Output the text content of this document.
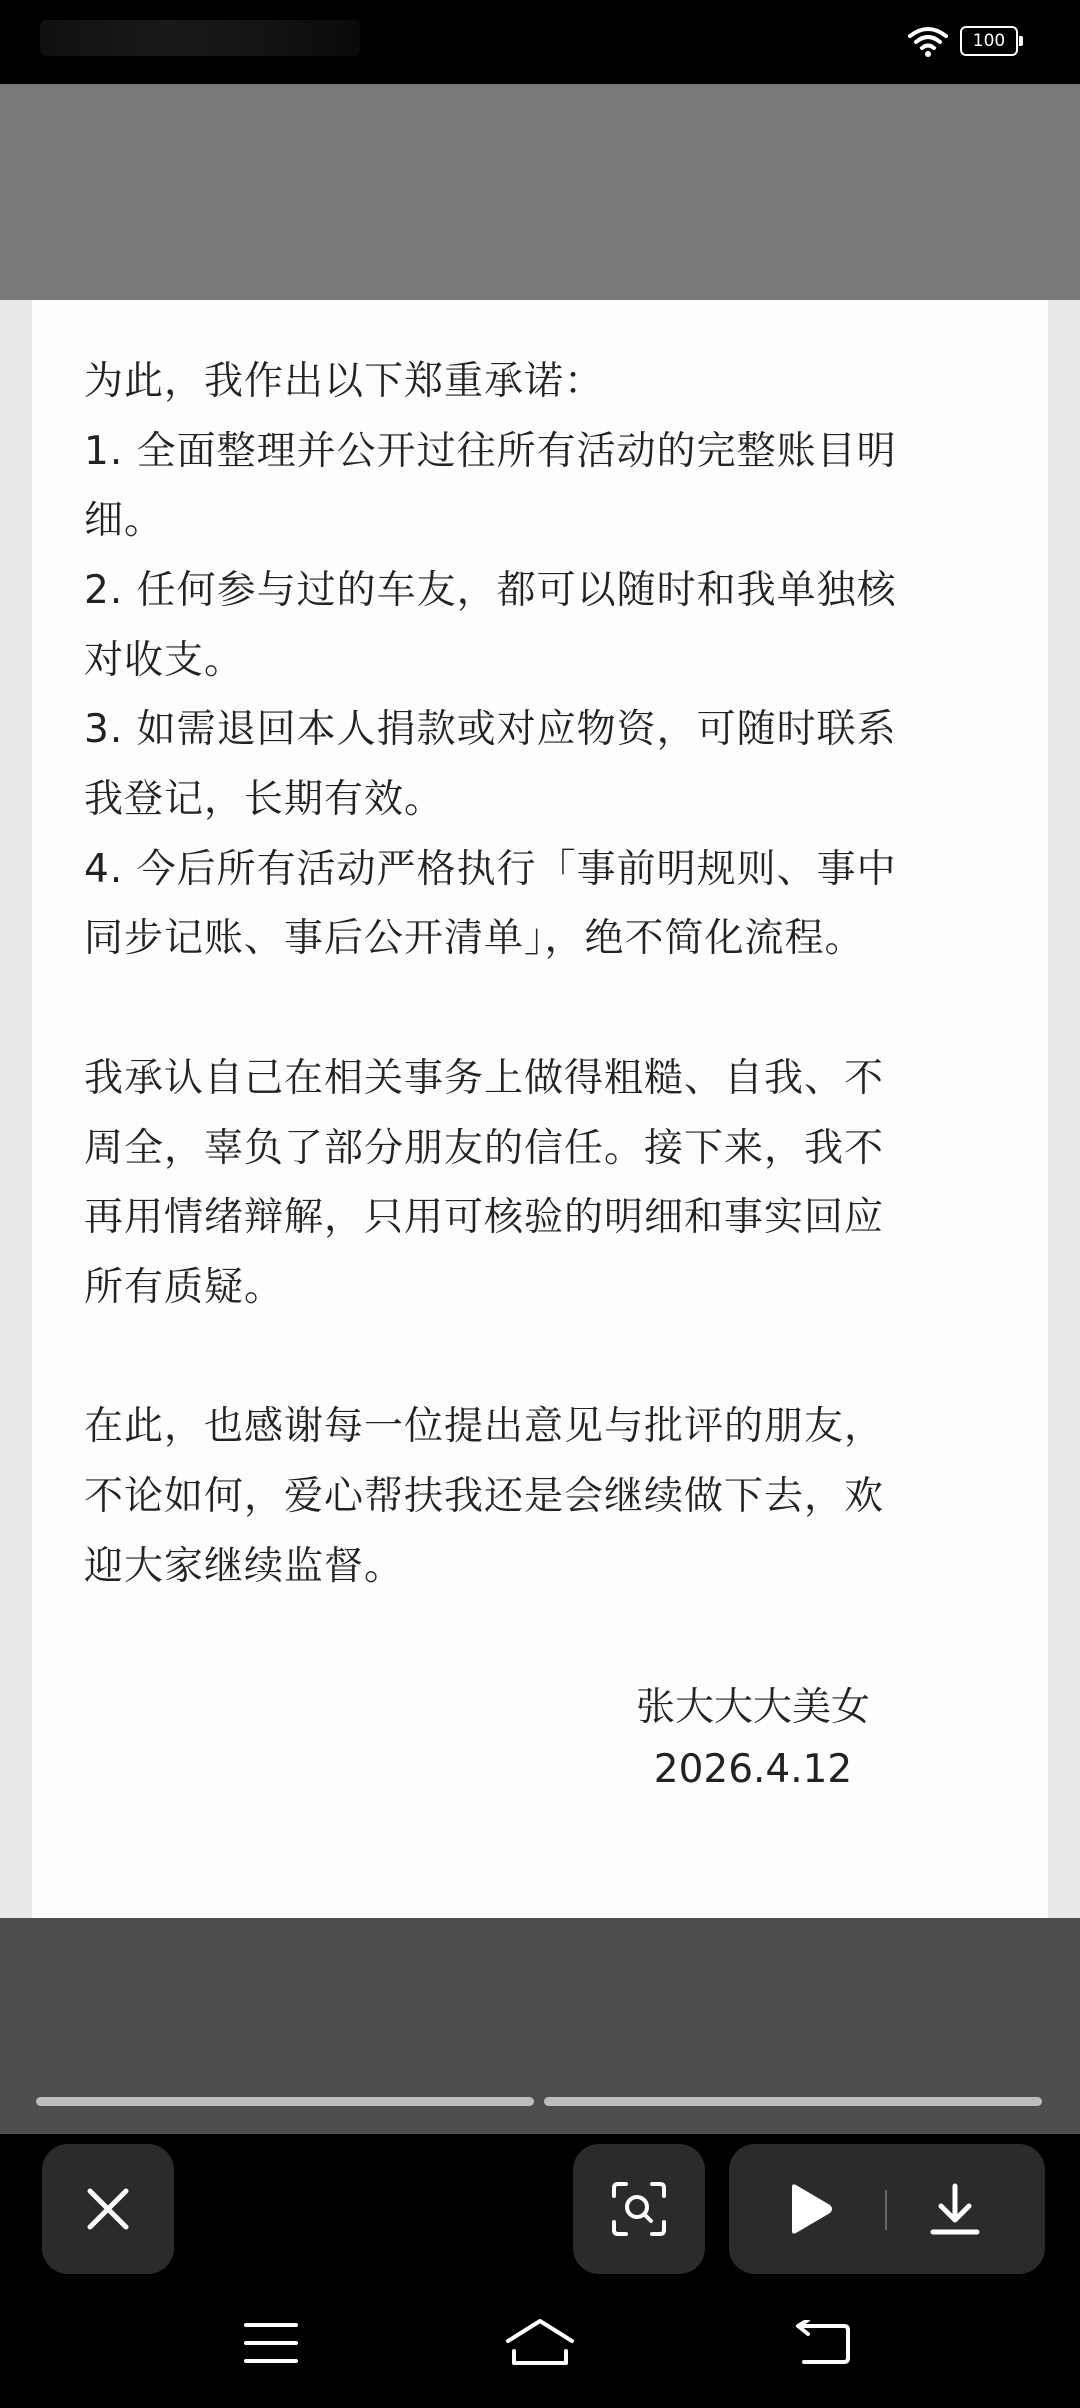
100
为此，我作出以下郑重承诺：
1. 全面整理并公开过往所有活动的完整账目明
细。
2. 任何参与过的车友，都可以随时和我单独核
对收支。
3. 如需退回本人捐款或对应物资，可随时联系
我登记，长期有效。
4. 今后所有活动严格执行「事前明规则、事中
同步记账、事后公开清单」，绝不简化流程。
我承认自己在相关事务上做得粗糙、自我、不
周全，辜负了部分朋友的信任。接下来，我不
再用情绪辩解，只用可核验的明细和事实回应
所有质疑。
在此，也感谢每一位提出意见与批评的朋友，
不论如何，爱心帮扶我还是会继续做下去，欢
迎大家继续监督。
张大大大美女
2026.4.12
